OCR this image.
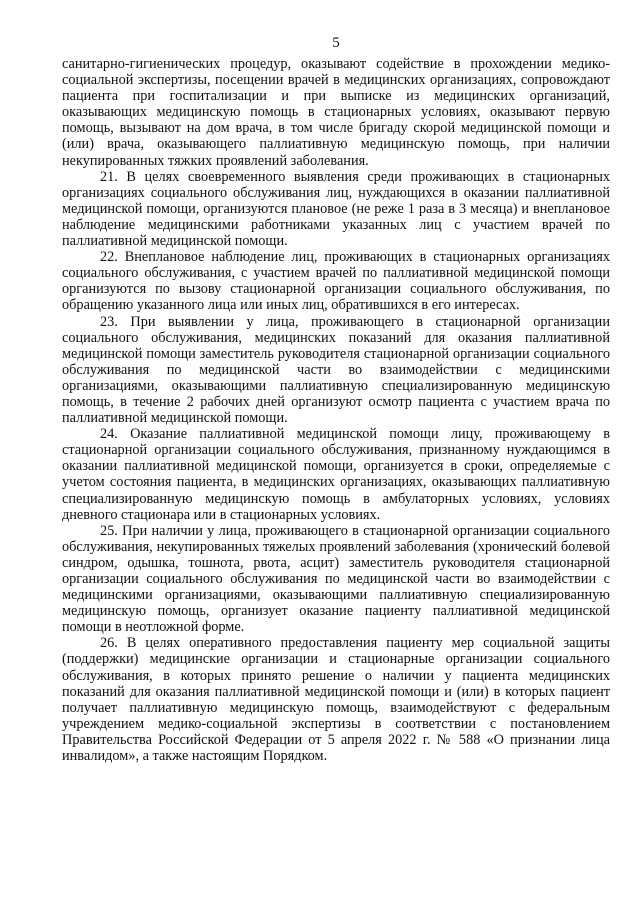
5

санитарно-гигиенических процедур, оказывают содействие в прохождении медико-социальной экспертизы, посещении врачей в медицинских организациях, сопровождают пациента при госпитализации и при выписке из медицинских организаций, оказывающих медицинскую помощь в стационарных условиях, оказывают первую помощь, вызывают на дом врача, в том числе бригаду скорой медицинской помощи и (или) врача, оказывающего паллиативную медицинскую помощь, при наличии некупированных тяжких проявлений заболевания.

21. В целях своевременного выявления среди проживающих в стационарных организациях социального обслуживания лиц, нуждающихся в оказании паллиативной медицинской помощи, организуются плановое (не реже 1 раза в 3 месяца) и внеплановое наблюдение медицинскими работниками указанных лиц с участием врачей по паллиативной медицинской помощи.

22. Внеплановое наблюдение лиц, проживающих в стационарных организациях социального обслуживания, с участием врачей по паллиативной медицинской помощи организуются по вызову стационарной организации социального обслуживания, по обращению указанного лица или иных лиц, обратившихся в его интересах.

23. При выявлении у лица, проживающего в стационарной организации социального обслуживания, медицинских показаний для оказания паллиативной медицинской помощи заместитель руководителя стационарной организации социального обслуживания по медицинской части во взаимодействии с медицинскими организациями, оказывающими паллиативную специализированную медицинскую помощь, в течение 2 рабочих дней организуют осмотр пациента с участием врача по паллиативной медицинской помощи.

24. Оказание паллиативной медицинской помощи лицу, проживающему в стационарной организации социального обслуживания, признанному нуждающимся в оказании паллиативной медицинской помощи, организуется в сроки, определяемые с учетом состояния пациента, в медицинских организациях, оказывающих паллиативную специализированную медицинскую помощь в амбулаторных условиях, условиях дневного стационара или в стационарных условиях.

25. При наличии у лица, проживающего в стационарной организации социального обслуживания, некупированных тяжелых проявлений заболевания (хронический болевой синдром, одышка, тошнота, рвота, асцит) заместитель руководителя стационарной организации социального обслуживания по медицинской части во взаимодействии с медицинскими организациями, оказывающими паллиативную специализированную медицинскую помощь, организует оказание пациенту паллиативной медицинской помощи в неотложной форме.

26. В целях оперативного предоставления пациенту мер социальной защиты (поддержки) медицинские организации и стационарные организации социального обслуживания, в которых принято решение о наличии у пациента медицинских показаний для оказания паллиативной медицинской помощи и (или) в которых пациент получает паллиативную медицинскую помощь, взаимодействуют с федеральным учреждением медико-социальной экспертизы в соответствии с постановлением Правительства Российской Федерации от 5 апреля 2022 г. № 588 «О признании лица инвалидом», а также настоящим Порядком.
